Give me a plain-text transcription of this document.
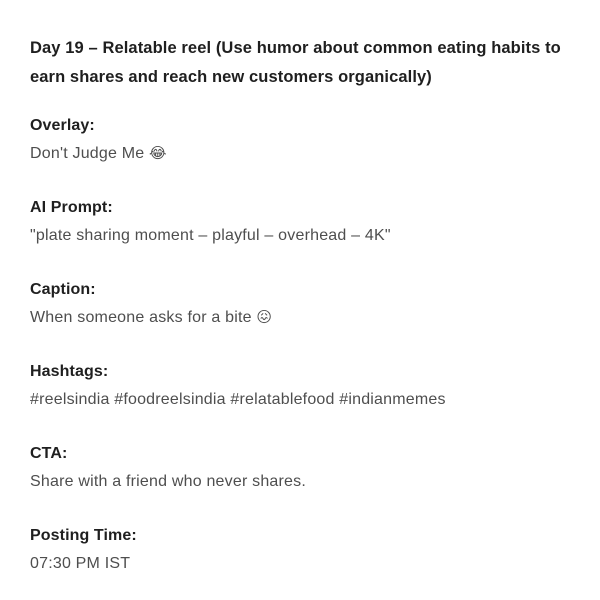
Day 19 – Relatable reel (Use humor about common eating habits to earn shares and reach new customers organically)

Overlay:

Don't Judge Me 😂

AI Prompt:

"plate sharing moment – playful – overhead – 4K"

Caption:

When someone asks for a bite 😖

Hashtags:

#reelsindia #foodreelsindia #relatablefood #indianmemes

CTA:

Share with a friend who never shares.

Posting Time:

07:30 PM IST
